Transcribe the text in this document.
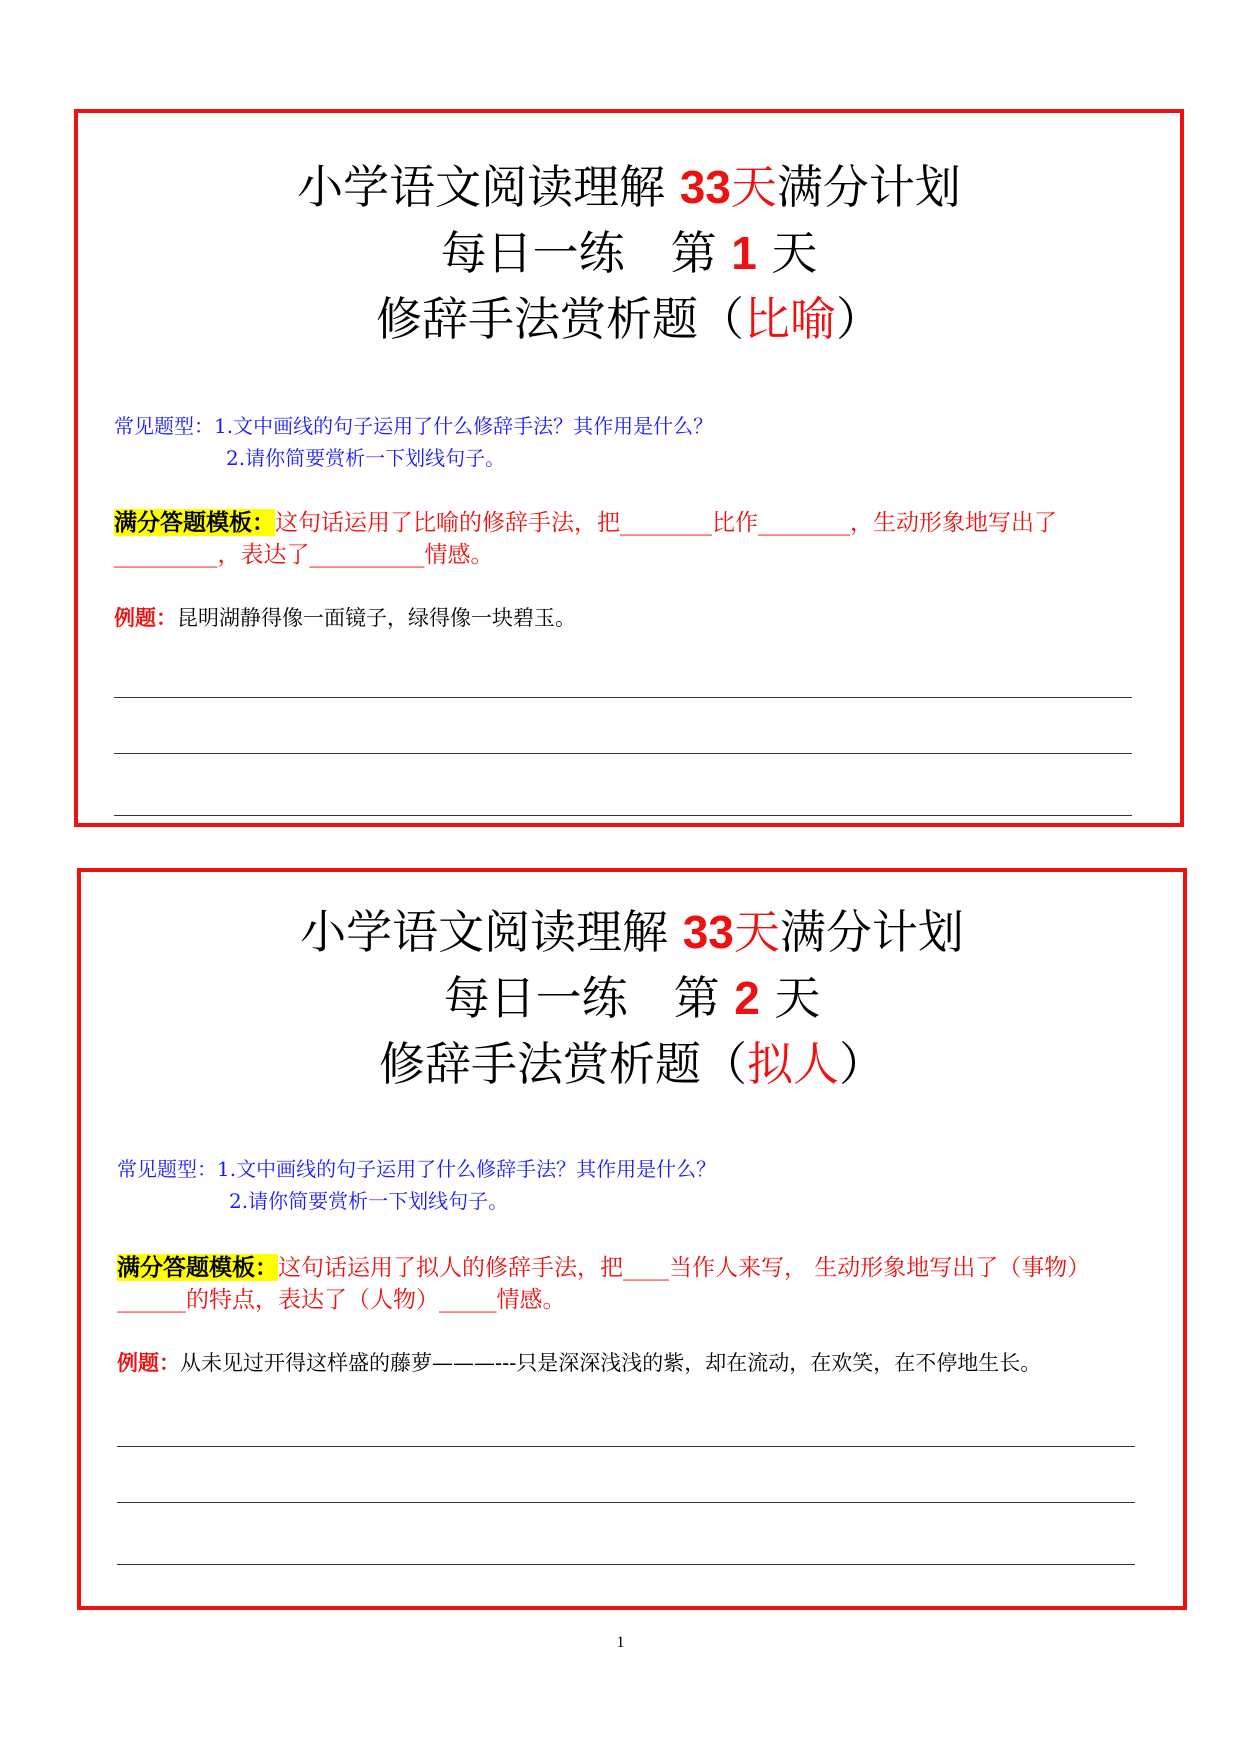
小学语文阅读理解 33天满分计划
每日一练　第 1 天
修辞手法赏析题（比喻）
常见题型：1.文中画线的句子运用了什么修辞手法？其作用是什么？
2.请你简要赏析一下划线句子。
满分答题模板：这句话运用了比喻的修辞手法，把________比作________，生动形象地写出了_________，表达了__________情感。
例题：昆明湖静得像一面镜子，绿得像一块碧玉。
小学语文阅读理解 33天满分计划
每日一练　第 2 天
修辞手法赏析题（拟人）
常见题型：1.文中画线的句子运用了什么修辞手法？其作用是什么？
2.请你简要赏析一下划线句子。
满分答题模板：这句话运用了拟人的修辞手法，把____当作人来写， 生动形象地写出了（事物）______的特点，表达了（人物）_____情感。
例题：从未见过开得这样盛的藤萝———---只是深深浅浅的紫，却在流动，在欢笑，在不停地生长。
1
